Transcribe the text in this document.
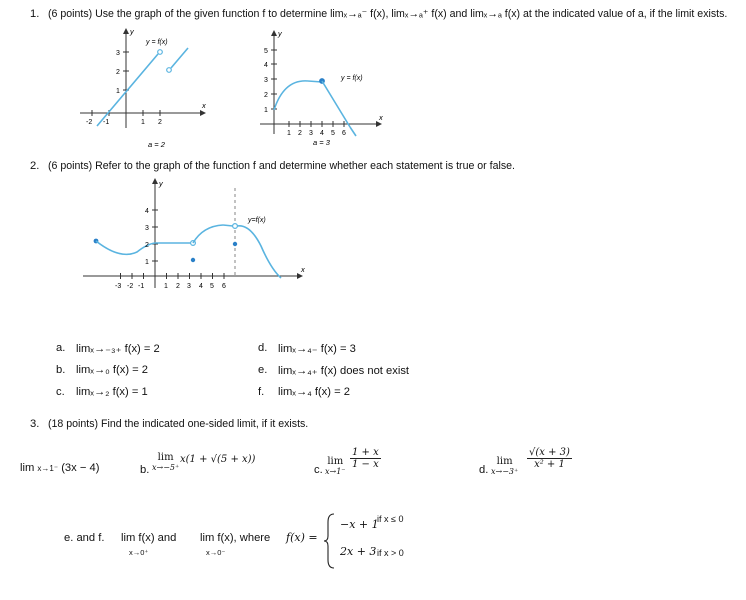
1. (6 points) Use the graph of the given function f to determine limₓ→ₐ⁻ f(x), limₓ→ₐ⁺ f(x) and limₓ→ₐ f(x) at the indicated value of a, if the limit exists.
y
x
y = f(x)
1
2
3
-2 -1	1 2
a = 2
y
x
y = f(x)
1
2
3
4
5
1 2 3 4 5 6
a = 3
2. (6 points) Refer to the graph of the function f and determine whether each statement is true or false.
y
x
y=f(x)
1
2
3
4
-3 -2 -1	1 2 3 4 5 6
a. limₓ→₋₃₊ f(x) = 2
b. limₓ→₀ f(x) = 2
c. limₓ→₂ f(x) = 1
d. limₓ→₄₋ f(x) = 3
e. limₓ→₄₊ f(x) does not exist
f. limₓ→₄ f(x) = 2
3. (18 points) Find the indicated one-sided limit, if it exists.
lim x→1⁻ (3x − 4)	b.
lim
x→−5⁺
x(1 + √(5 + x))
c.
lim
x→1⁻
$\frac{1 + x}{1 - x}$	d.
lim
x→−3⁺
$\frac{√(x + 3)}{\text{x² + 1}}$
e. and f. lim f(x) and
x→0⁺
lim f(x), where
x→0⁻
f(x) =
−x + 1
if x ≤ 0
2x + 3 if x > 0
